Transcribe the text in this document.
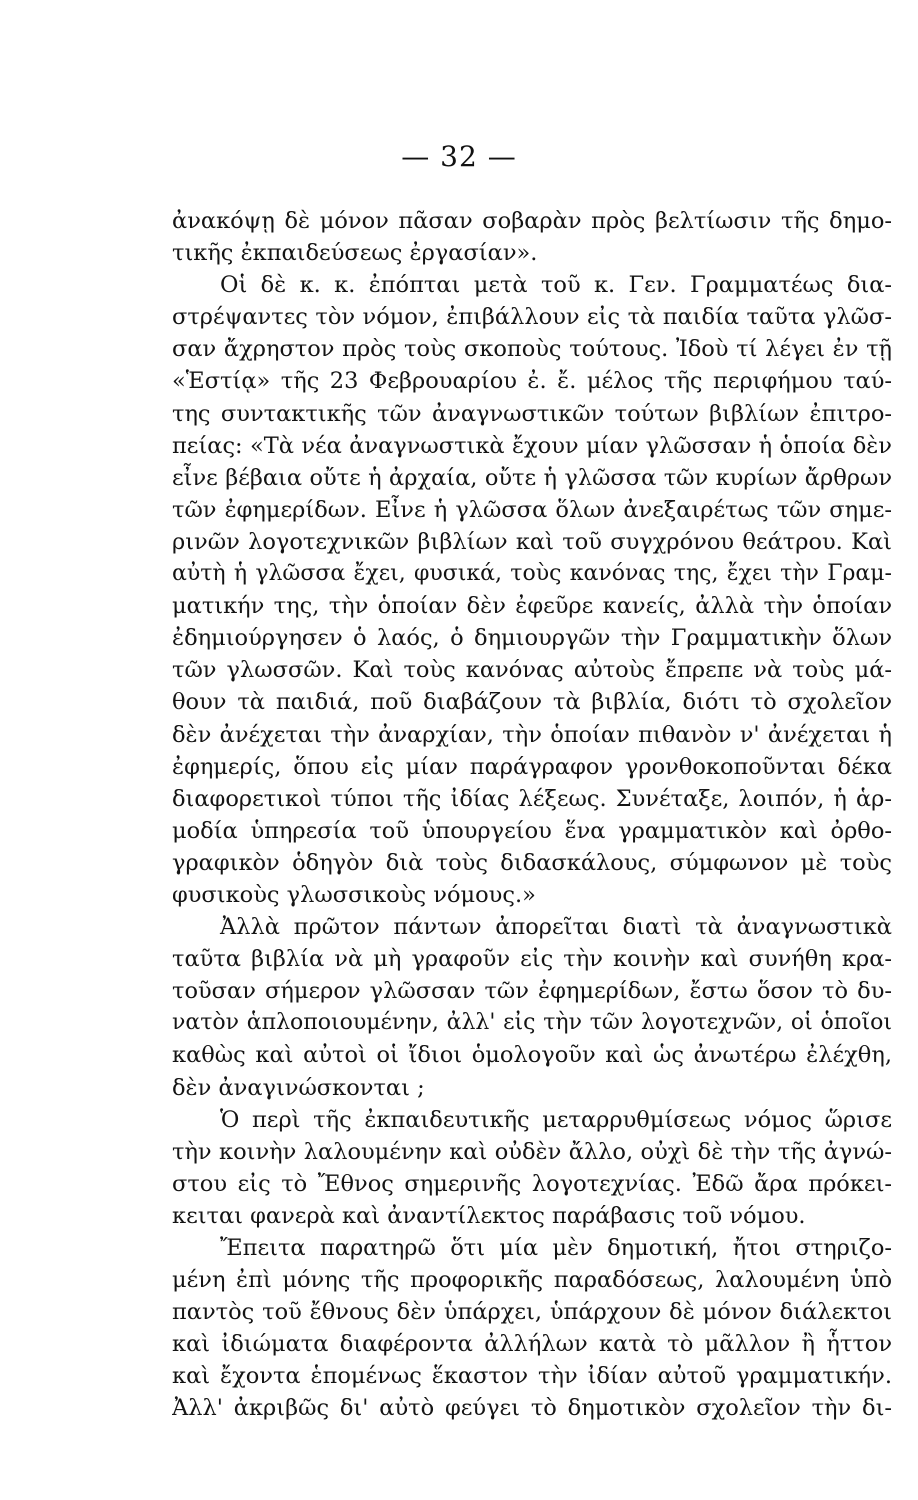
— 32 —
ἀνακόψῃ δὲ μόνον πᾶσαν σοβαρὰν πρὸς βελτίωσιν τῆς δημο-
τικῆς ἐκπαιδεύσεως ἐργασίαν».
Οἱ δὲ κ. κ. ἐπόπται μετὰ τοῦ κ. Γεν. Γραμματέως δια-
στρέψαντες τὸν νόμον, ἐπιβάλλουν εἰς τὰ παιδία ταῦτα γλῶσ-
σαν ἄχρηστον πρὸς τοὺς σκοποὺς τούτους. Ἰδοὺ τί λέγει ἐν τῇ
«Ἑστίᾳ» τῆς 23 Φεβρουαρίου ἐ. ἔ. μέλος τῆς περιφήμου ταύ-
της συντακτικῆς τῶν ἀναγνωστικῶν τούτων βιβλίων ἐπιτρο-
πείας: «Τὰ νέα ἀναγνωστικὰ ἔχουν μίαν γλῶσσαν ἡ ὁποία δὲν
εἶνε βέβαια οὔτε ἡ ἀρχαία, οὔτε ἡ γλῶσσα τῶν κυρίων ἄρθρων
τῶν ἐφημερίδων. Εἶνε ἡ γλῶσσα ὅλων ἀνεξαιρέτως τῶν σημε-
ρινῶν λογοτεχνικῶν βιβλίων καὶ τοῦ συγχρόνου θεάτρου. Καὶ
αὐτὴ ἡ γλῶσσα ἔχει, φυσικά, τοὺς κανόνας της, ἔχει τὴν Γραμ-
ματικήν της, τὴν ὁποίαν δὲν ἐφεῦρε κανείς, ἀλλὰ τὴν ὁποίαν
ἐδημιούργησεν ὁ λαός, ὁ δημιουργῶν τὴν Γραμματικὴν ὅλων
τῶν γλωσσῶν. Καὶ τοὺς κανόνας αὐτοὺς ἔπρεπε νὰ τοὺς μά-
θουν τὰ παιδιά, ποῦ διαβάζουν τὰ βιβλία, διότι τὸ σχολεῖον
δὲν ἀνέχεται τὴν ἀναρχίαν, τὴν ὁποίαν πιθανὸν ν' ἀνέχεται ἡ
ἐφημερίς, ὅπου εἰς μίαν παράγραφον γρονθοκοποῦνται δέκα
διαφορετικοὶ τύποι τῆς ἰδίας λέξεως. Συνέταξε, λοιπόν, ἡ ἁρ-
μοδία ὑπηρεσία τοῦ ὑπουργείου ἕνα γραμματικὸν καὶ ὀρθο-
γραφικὸν ὁδηγὸν διὰ τοὺς διδασκάλους, σύμφωνον μὲ τοὺς
φυσικοὺς γλωσσικοὺς νόμους.»
Ἀλλὰ πρῶτον πάντων ἀπορεῖται διατὶ τὰ ἀναγνωστικὰ
ταῦτα βιβλία νὰ μὴ γραφοῦν εἰς τὴν κοινὴν καὶ συνήθη κρα-
τοῦσαν σήμερον γλῶσσαν τῶν ἐφημερίδων, ἔστω ὅσον τὸ δυ-
νατὸν ἁπλοποιουμένην, ἀλλ' εἰς τὴν τῶν λογοτεχνῶν, οἱ ὁποῖοι
καθὼς καὶ αὐτοὶ οἱ ἴδιοι ὁμολογοῦν καὶ ὡς ἀνωτέρω ἐλέχθη,
δὲν ἀναγινώσκονται ;
Ὁ περὶ τῆς ἐκπαιδευτικῆς μεταρρυθμίσεως νόμος ὥρισε
τὴν κοινὴν λαλουμένην καὶ οὐδὲν ἄλλο, οὐχὶ δὲ τὴν τῆς ἀγνώ-
στου εἰς τὸ Ἔθνος σημερινῆς λογοτεχνίας. Ἐδῶ ἄρα πρόκει-
κειται φανερὰ καὶ ἀναντίλεκτος παράβασις τοῦ νόμου.
Ἔπειτα παρατηρῶ ὅτι μία μὲν δημοτική, ἤτοι στηριζο-
μένη ἐπὶ μόνης τῆς προφορικῆς παραδόσεως, λαλουμένη ὑπὸ
παντὸς τοῦ ἔθνους δὲν ὑπάρχει, ὑπάρχουν δὲ μόνον διάλεκτοι
καὶ ἰδιώματα διαφέροντα ἀλλήλων κατὰ τὸ μᾶλλον ἢ ἧττον
καὶ ἔχοντα ἑπομένως ἕκαστον τὴν ἰδίαν αὐτοῦ γραμματικήν.
Ἀλλ' ἀκριβῶς δι' αὐτὸ φεύγει τὸ δημοτικὸν σχολεῖον τὴν δι-
